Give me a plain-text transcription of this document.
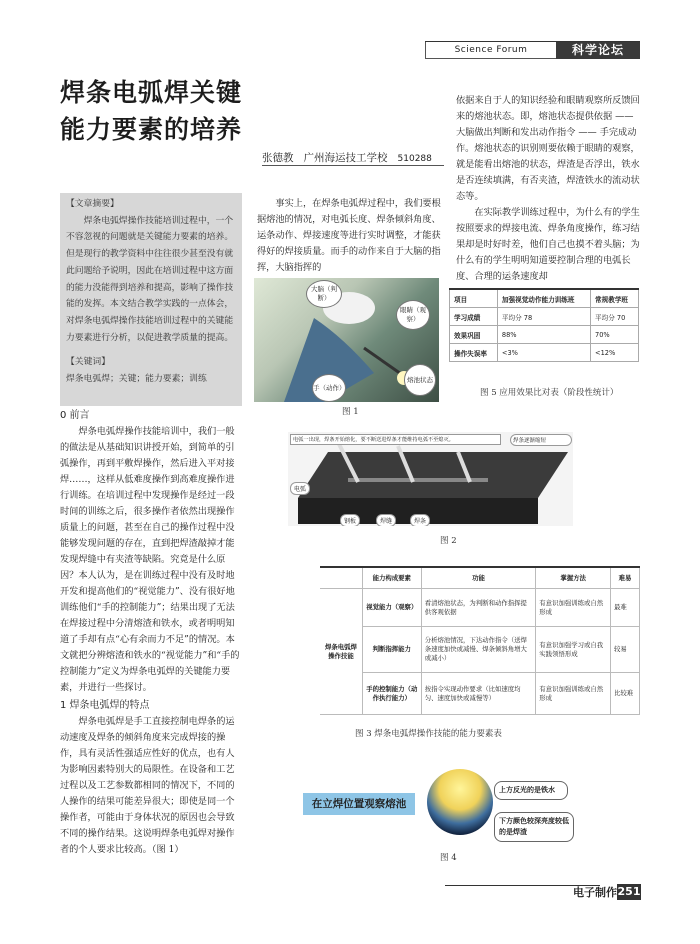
Science Forum	科学论坛
焊条电弧焊关键
能力要素的培养
张德教 广州海运技工学校 510288

【文章摘要】

焊条电弧焊操作技能培训过程中，一个不容忽视的问题就是关键能力要素的培养。但是现行的教学资料中往往很少甚至没有就此问题给予说明，因此在培训过程中这方面的能力没能得到培养和提高，影响了操作技能的发挥。本文结合教学实践的一点体会，对焊条电弧焊操作技能培训过程中的关键能力要素进行分析，以促进教学质量的提高。

【关键词】

焊条电弧焊；关键；能力要素；训练

0 前言

焊条电弧焊操作技能培训中，我们一般的做法是从基础知识讲授开始，到简单的引弧操作，再到平敷焊操作，然后进入平对接焊……，这样从低难度操作到高难度操作进行训练。在培训过程中发现操作是经过一段时间的训练之后，很多操作者依然出现操作质量上的问题，甚至在自己的操作过程中没能够发现问题的存在，直到把焊渣敲掉才能发现焊缝中有夹渣等缺陷。究竟是什么原因？本人认为，是在训练过程中没有及时地开发和提高他们的“视觉能力”、没有很好地训练他们“手的控制能力”；结果出现了无法在焊接过程中分清熔渣和铁水，或者明明知道了手却有点“心有余而力不足”的情况。本文就把分辨熔渣和铁水的“视觉能力”和“手的控制能力”定义为焊条电弧焊的关键能力要素，并进行一些探讨。

1 焊条电弧焊的特点

焊条电弧焊是手工直接控制电焊条的运动速度及焊条的倾斜角度来完成焊接的操作，具有灵活性强适应性好的优点，也有人为影响因素特别大的局限性。在设备和工艺过程以及工艺参数都相同的情况下，不同的人操作的结果可能差异很大；即使是同一个操作者，可能由于身体状况的原因也会导致不同的操作结果。这说明焊条电弧焊对操作者的个人要求比较高。（图 1）

事实上，在焊条电弧焊过程中，我们要根据熔池的情况，对电弧长度、焊条倾斜角度、运条动作、焊接速度等进行实时调整，才能获得好的焊接质量。而手的动作来自于大脑的指挥，大脑指挥的

依据来自于人的知识经验和眼睛观察所反馈回来的熔池状态。即，熔池状态提供依据 —— 大脑做出判断和发出动作指令 —— 手完成动作。熔池状态的识别则要依赖于眼睛的观察，就是能看出熔池的状态，焊渣是否浮出，铁水是否连续填满，有否夹渣，焊渣铁水的流动状态等。

在实际教学训练过程中，为什么有的学生按照要求的焊接电流、焊条角度操作，练习结果却是时好时差，他们自己也摸不着头脑；为什么有的学生明明知道要控制合理的电弧长度、合理的运条速度却

大脑（判断）
眼睛（观察）
手（动作）
熔池状态
图 1
项目	加强视觉动作能力训练班	常规教学班
学习成绩	平均分 78	平均分 70
效果巩固	88%	70%
操作失误率	<3%	<12%
图 5 应用效果比对表（阶段性统计）
电弧一出现，焊条开始熔化，要不断送进焊条才能维持电弧不至熄灭。	焊条逐渐缩短
电弧
钢板	焊缝	焊条
图 2
	能力构成要素	功能	掌握方法	难易
焊条电弧焊操作技能	视觉能力（观察）	看清熔池状态，为判断和动作指挥提供客观依据	有意识加强训练或自然形成	最难
	判断指挥能力	分析熔池情况，下达动作指令（送焊条速度加快或减慢、焊条倾斜角增大或减小）	有意识加强学习或自我实践领悟形成	较易
	手的控制能力（动作执行能力）	按指令实现动作要求（比如速度均匀、速度加快或减慢等）	有意识加强训练或自然形成	比较难
图 3 焊条电弧焊操作技能的能力要素表
在立焊位置观察熔池
上方反光的是铁水
下方颜色较深亮度较低的是焊渣
图 4
电子制作 251
